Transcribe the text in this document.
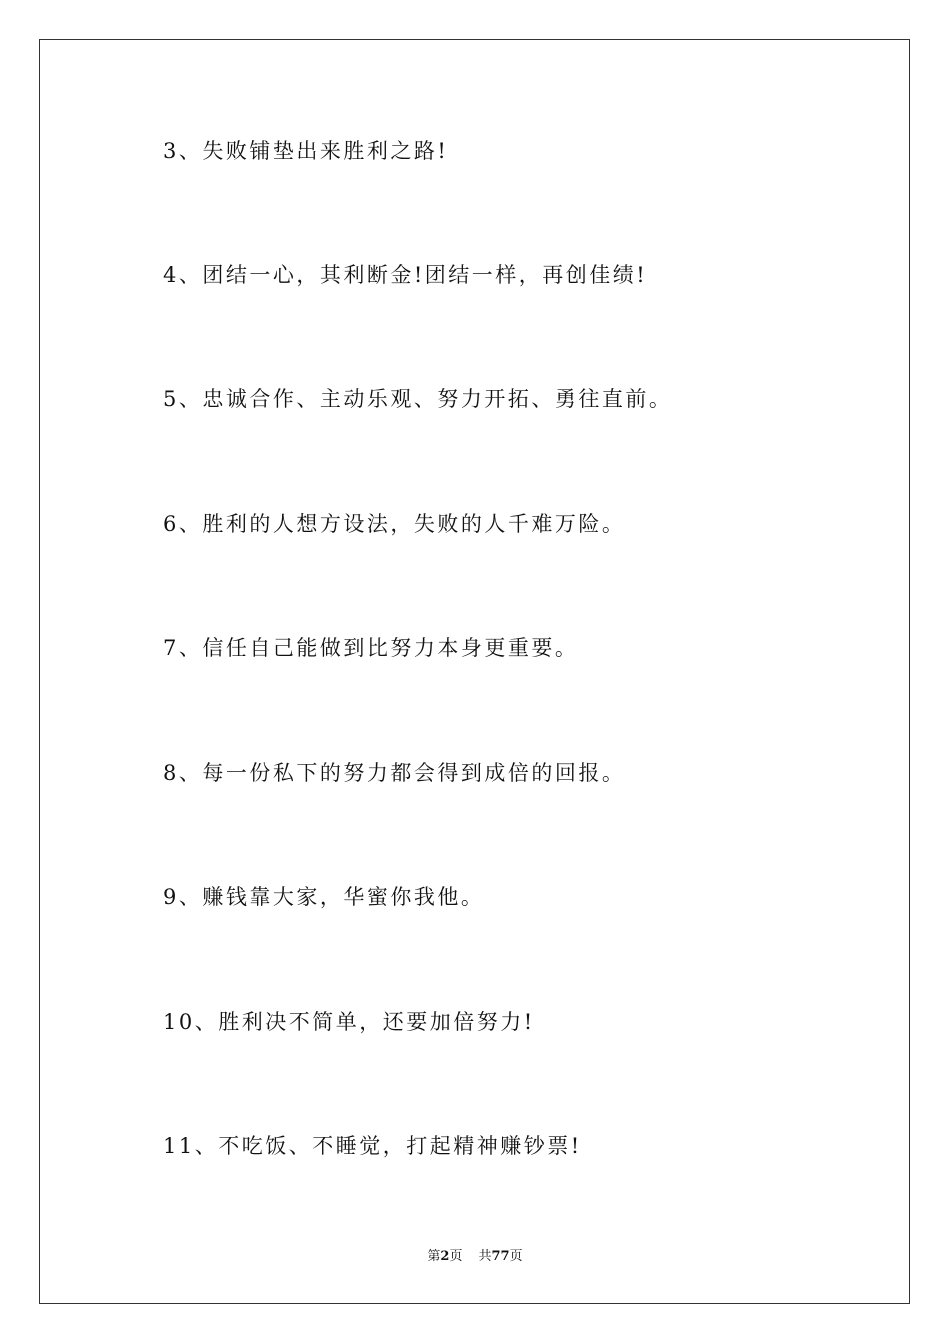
3、失败铺垫出来胜利之路!
4、团结一心，其利断金!团结一样，再创佳绩!
5、忠诚合作、主动乐观、努力开拓、勇往直前。
6、胜利的人想方设法，失败的人千难万险。
7、信任自己能做到比努力本身更重要。
8、每一份私下的努力都会得到成倍的回报。
9、赚钱靠大家，华蜜你我他。
10、胜利决不简单，还要加倍努力!
11、不吃饭、不睡觉，打起精神赚钞票!
第2页 共77页
